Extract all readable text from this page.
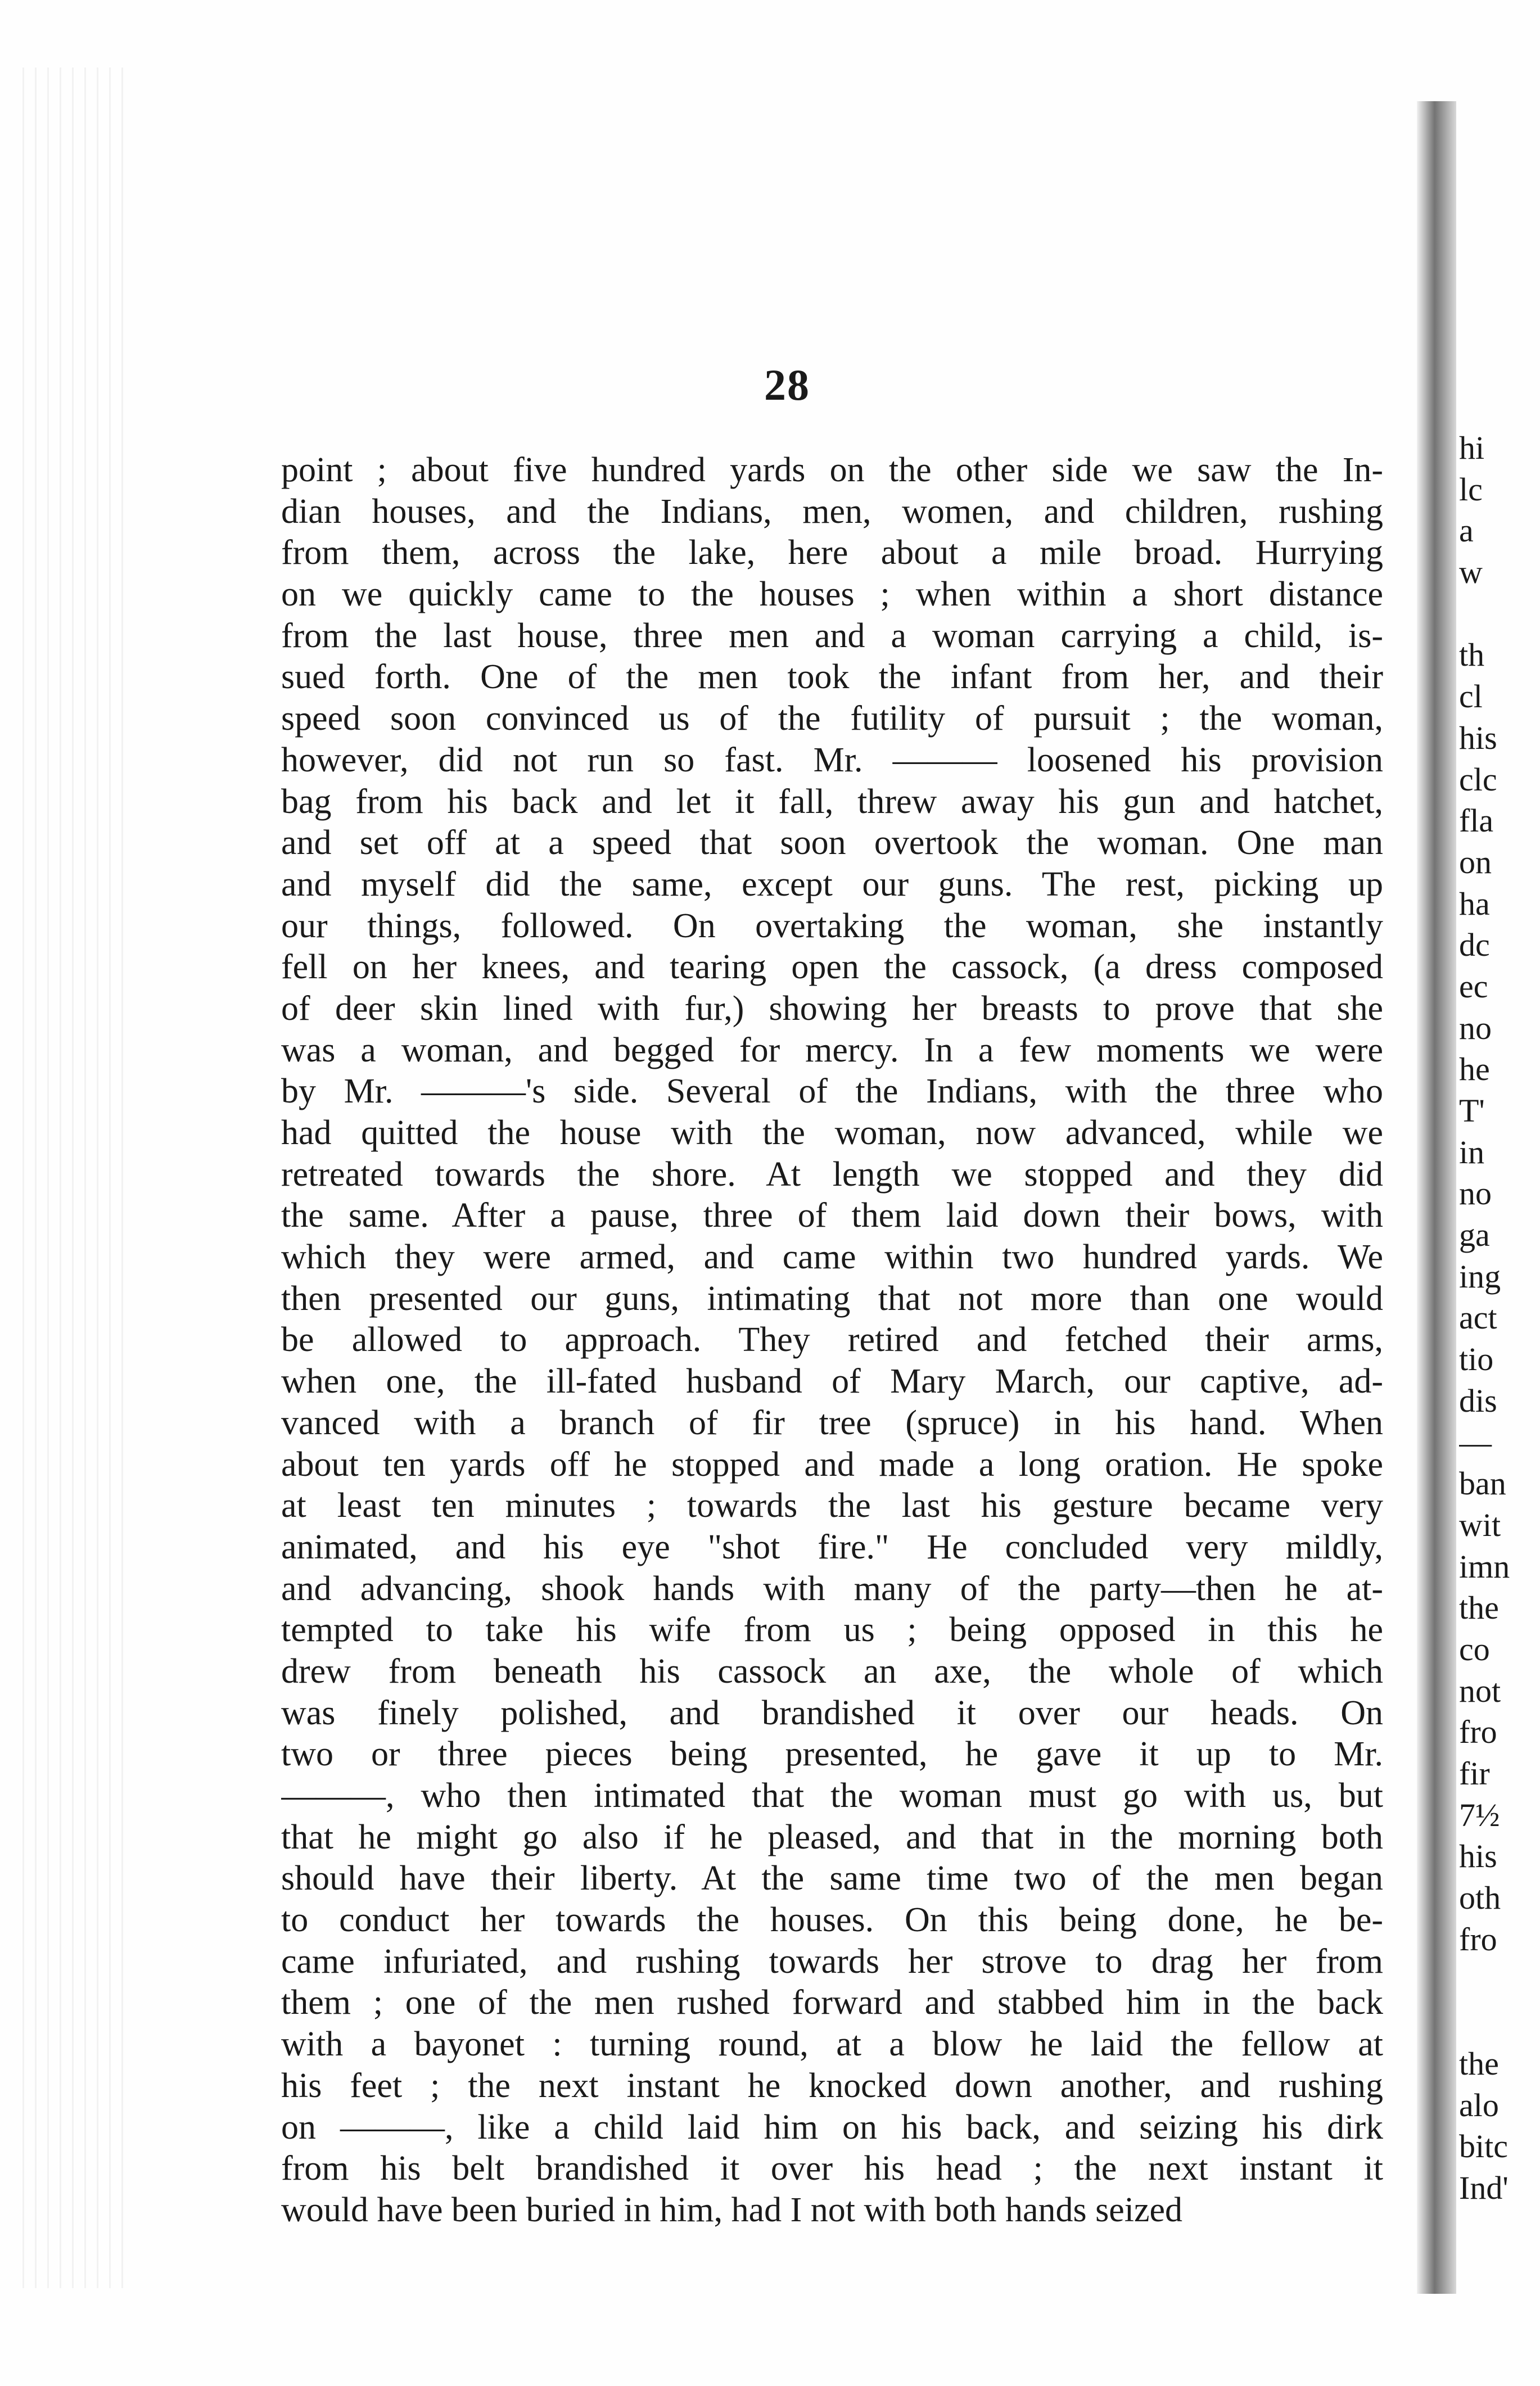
28
point ; about five hundred yards on the other side we saw the In-
dian houses, and the Indians, men, women, and children, rushing
from them, across the lake, here about a mile broad. Hurrying
on we quickly came to the houses ; when within a short distance
from the last house, three men and a woman carrying a child, is-
sued forth. One of the men took the infant from her, and their
speed soon convinced us of the futility of pursuit ; the woman,
however, did not run so fast. Mr. ——— loosened his provision
bag from his back and let it fall, threw away his gun and hatchet,
and set off at a speed that soon overtook the woman. One man
and myself did the same, except our guns. The rest, picking up
our things, followed. On overtaking the woman, she instantly
fell on her knees, and tearing open the cassock, (a dress composed
of deer skin lined with fur,) showing her breasts to prove that she
was a woman, and begged for mercy. In a few moments we were
by Mr. ———'s side. Several of the Indians, with the three who
had quitted the house with the woman, now advanced, while we
retreated towards the shore. At length we stopped and they did
the same. After a pause, three of them laid down their bows, with
which they were armed, and came within two hundred yards. We
then presented our guns, intimating that not more than one would
be allowed to approach. They retired and fetched their arms,
when one, the ill-fated husband of Mary March, our captive, ad-
vanced with a branch of fir tree (spruce) in his hand. When
about ten yards off he stopped and made a long oration. He spoke
at least ten minutes ; towards the last his gesture became very
animated, and his eye "shot fire." He concluded very mildly,
and advancing, shook hands with many of the party—then he at-
tempted to take his wife from us ; being opposed in this he
drew from beneath his cassock an axe, the whole of which
was finely polished, and brandished it over our heads. On
two or three pieces being presented, he gave it up to Mr.
———, who then intimated that the woman must go with us, but
that he might go also if he pleased, and that in the morning both
should have their liberty. At the same time two of the men began
to conduct her towards the houses. On this being done, he be-
came infuriated, and rushing towards her strove to drag her from
them ; one of the men rushed forward and stabbed him in the back
with a bayonet : turning round, at a blow he laid the fellow at
his feet ; the next instant he knocked down another, and rushing
on ———, like a child laid him on his back, and seizing his dirk
from his belt brandished it over his head ; the next instant it
would have been buried in him, had I not with both hands seized
hi
lc
a
w
th
cl
his
clc
fla
on
ha
dc
ec
no
he
T'
in
no
ga
ing
act
tio
dis
—
ban
wit
imn
the
co
not
fro
fir
7½
his
oth
fro
the
alo
bitc
Ind'
